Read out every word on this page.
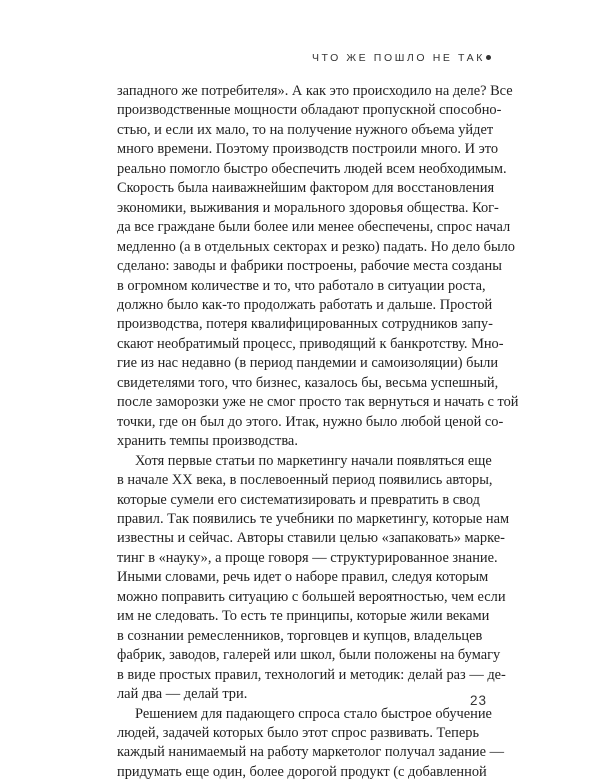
ЧТО ЖЕ ПОШЛО НЕ ТАК

западного же потребителя». А как это происходило на деле? Все
производственные мощности обладают пропускной способно-
стью, и если их мало, то на получение нужного объема уйдет
много времени. Поэтому производств построили много. И это
реально помогло быстро обеспечить людей всем необходимым.
Скорость была наиважнейшим фактором для восстановления
экономики, выживания и морального здоровья общества. Ког-
да все граждане были более или менее обеспечены, спрос начал
медленно (а в отдельных секторах и резко) падать. Но дело было
сделано: заводы и фабрики построены, рабочие места созданы
в огромном количестве и то, что работало в ситуации роста,
должно было как-то продолжать работать и дальше. Простой
производства, потеря квалифицированных сотрудников запу-
скают необратимый процесс, приводящий к банкротству. Мно-
гие из нас недавно (в период пандемии и самоизоляции) были
свидетелями того, что бизнес, казалось бы, весьма успешный,
после заморозки уже не смог просто так вернуться и начать с той
точки, где он был до этого. Итак, нужно было любой ценой со-
хранить темпы производства.

Хотя первые статьи по маркетингу начали появляться еще
в начале XX века, в послевоенный период появились авторы,
которые сумели его систематизировать и превратить в свод
правил. Так появились те учебники по маркетингу, которые нам
известны и сейчас. Авторы ставили целью «запаковать» марке-
тинг в «науку», а проще говоря — структурированное знание.
Иными словами, речь идет о наборе правил, следуя которым
можно поправить ситуацию с большей вероятностью, чем если
им не следовать. То есть те принципы, которые жили веками
в сознании ремесленников, торговцев и купцов, владельцев
фабрик, заводов, галерей или школ, были положены на бумагу
в виде простых правил, технологий и методик: делай раз — де-
лай два — делай три.

Решением для падающего спроса стало быстрое обучение
людей, задачей которых было этот спрос развивать. Теперь
каждый нанимаемый на работу маркетолог получал задание —
придумать еще один, более дорогой продукт (с добавленной

23
